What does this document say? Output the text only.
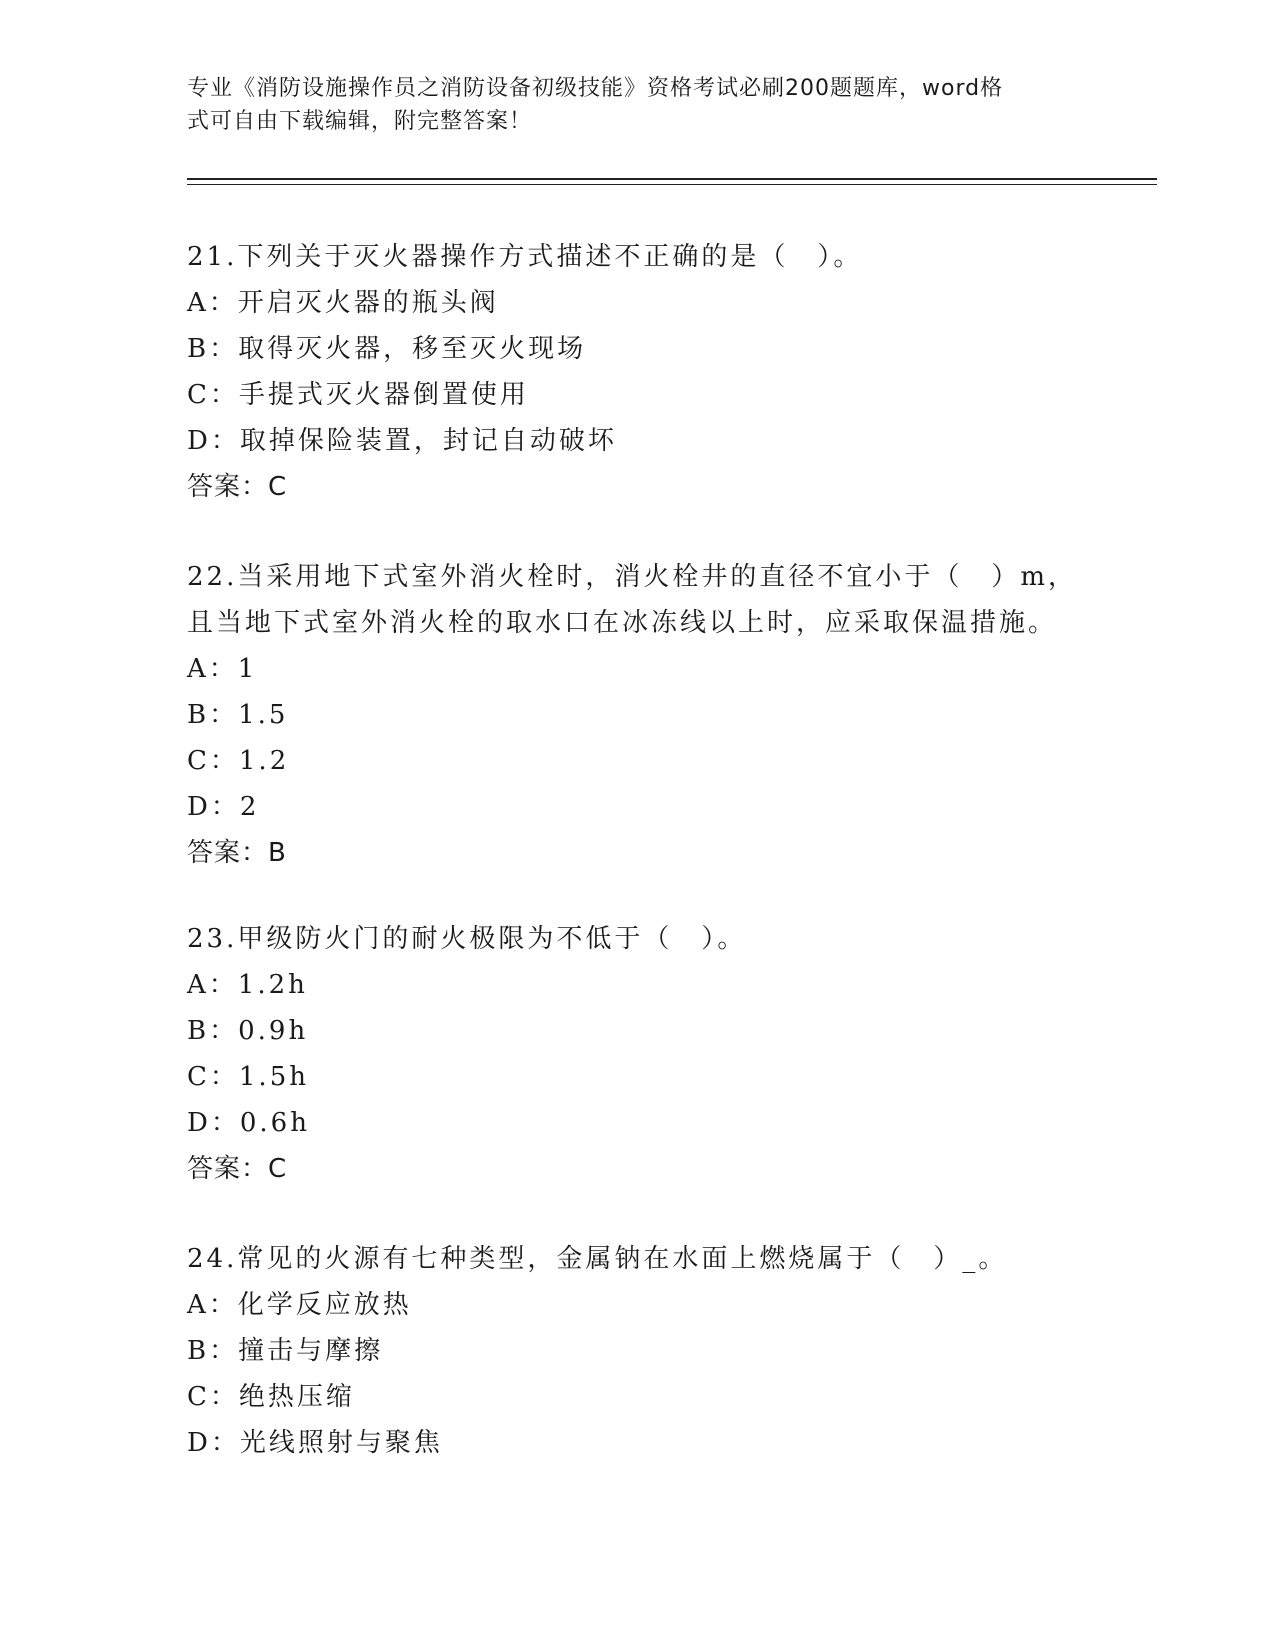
专业《消防设施操作员之消防设备初级技能》资格考试必刷200题题库，word格
式可自由下载编辑，附完整答案！
21.下列关于灭火器操作方式描述不正确的是（　）。
A：开启灭火器的瓶头阀
B：取得灭火器，移至灭火现场
C：手提式灭火器倒置使用
D：取掉保险装置，封记自动破坏
答案：C
22.当采用地下式室外消火栓时，消火栓井的直径不宜小于（　）m，
且当地下式室外消火栓的取水口在冰冻线以上时，应采取保温措施。
A：1
B：1.5
C：1.2
D：2
答案：B
23.甲级防火门的耐火极限为不低于（　）。
A：1.2h
B：0.9h
C：1.5h
D：0.6h
答案：C
24.常见的火源有七种类型，金属钠在水面上燃烧属于（　）_。
A：化学反应放热
B：撞击与摩擦
C：绝热压缩
D：光线照射与聚焦
